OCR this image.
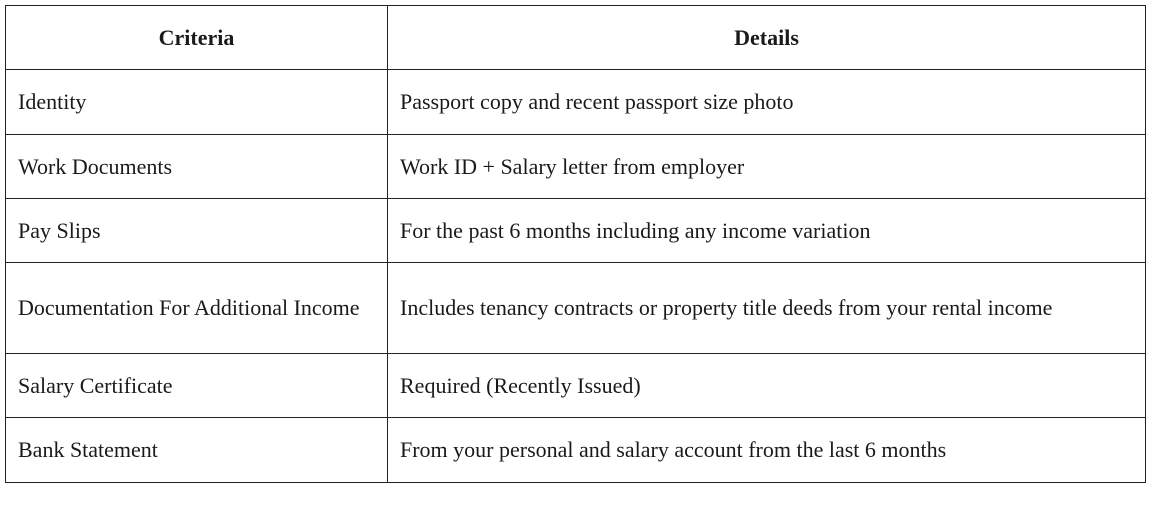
Criteria	Details
Identity	Passport copy and recent passport size photo
Work Documents	Work ID + Salary letter from employer
Pay Slips	For the past 6 months including any income variation
Documentation For Additional Income	Includes tenancy contracts or property title deeds from your rental income
Salary Certificate	Required (Recently Issued)
Bank Statement	From your personal and salary account from the last 6 months
